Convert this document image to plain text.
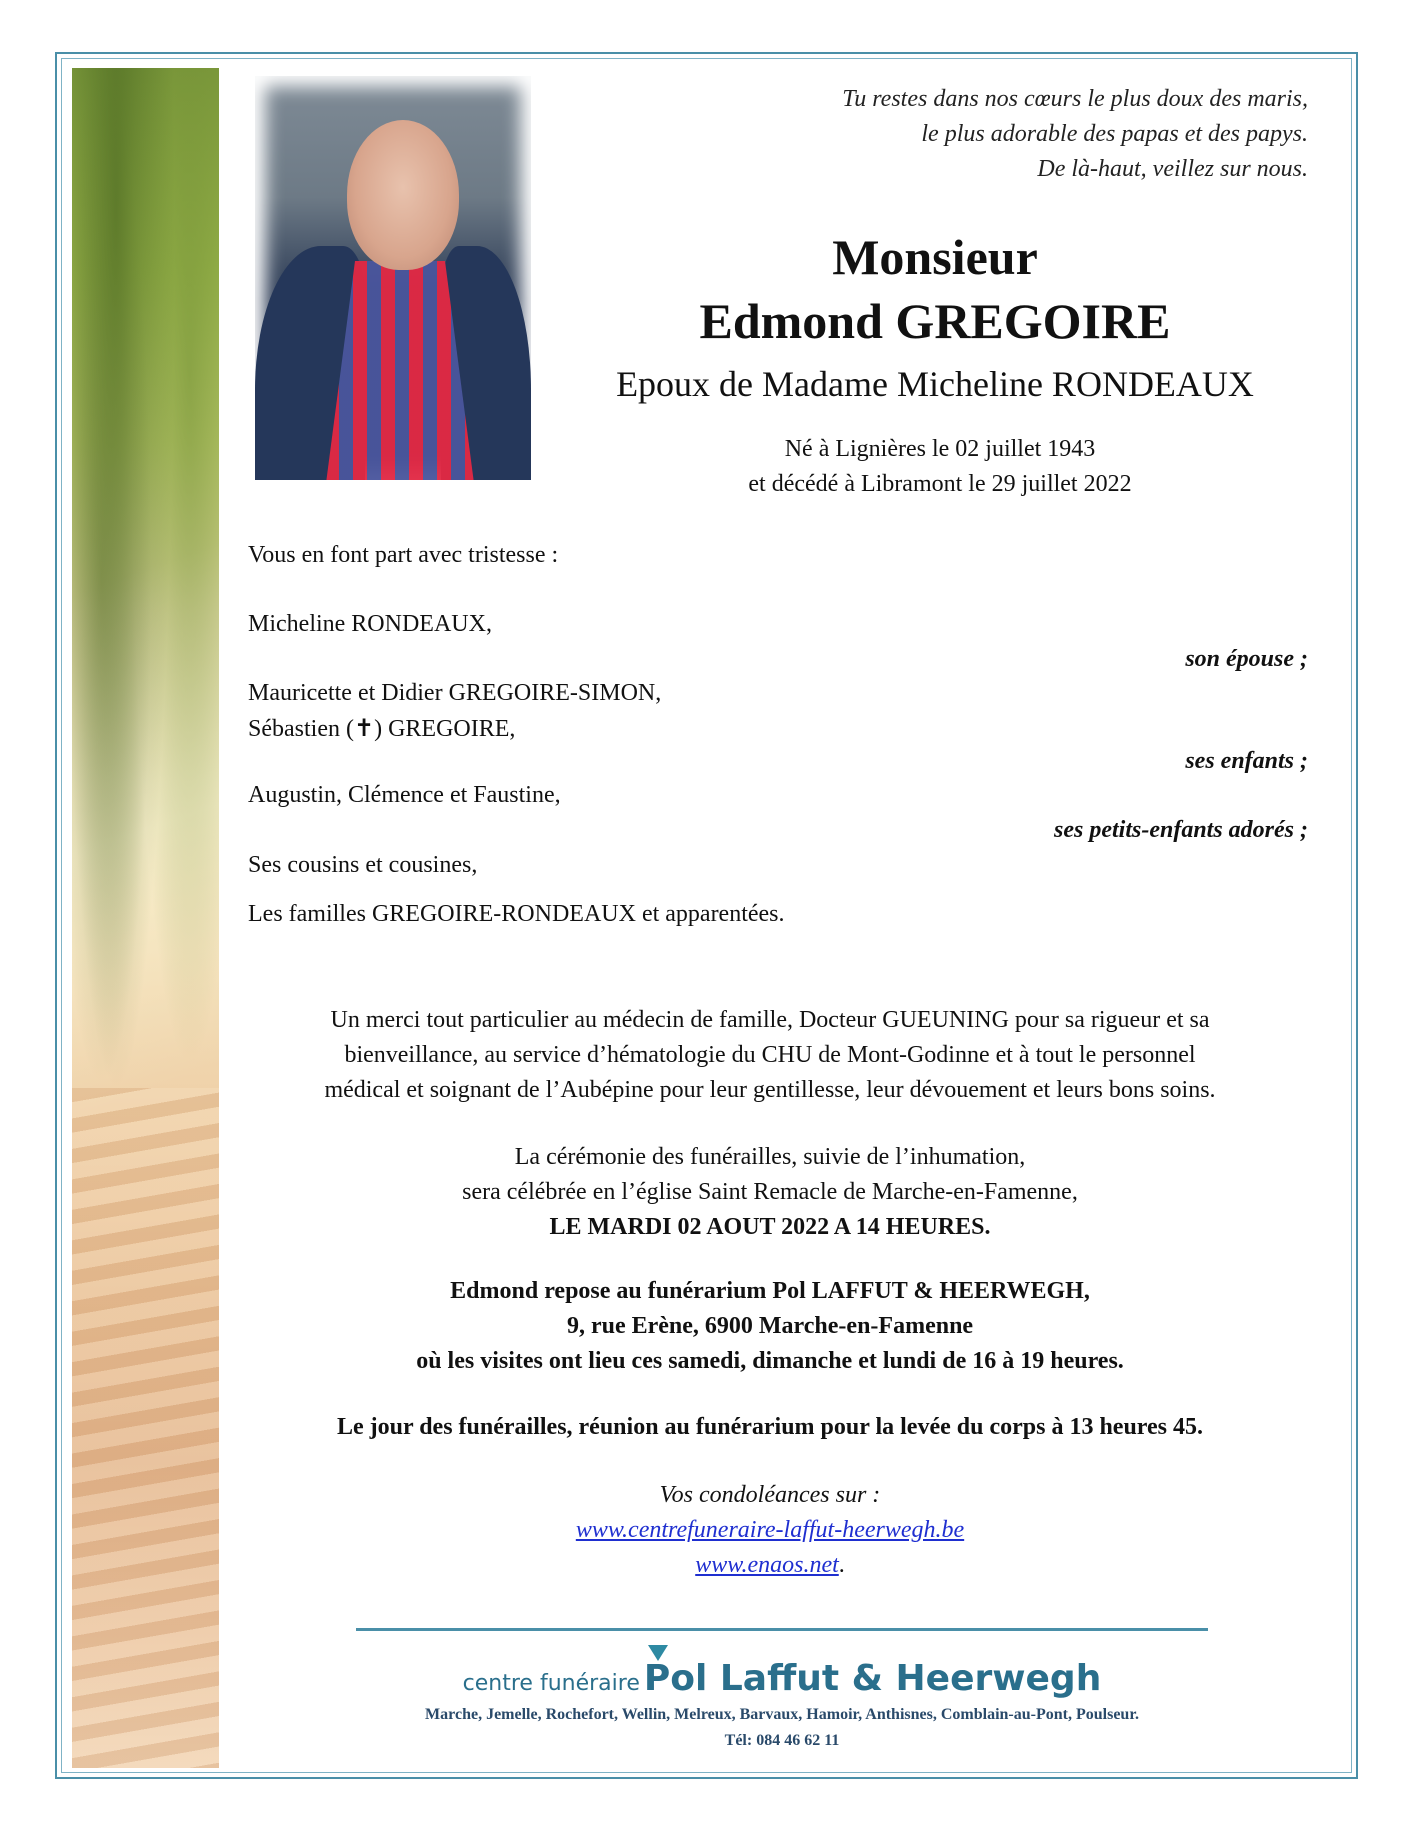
Tu restes dans nos cœurs le plus doux des maris,
le plus adorable des papas et des papys.
De là-haut, veillez sur nous.
Monsieur
Edmond GREGOIRE
Epoux de Madame Micheline RONDEAUX
Né à Lignières le 02 juillet 1943
et décédé à Libramont le 29 juillet 2022
Vous en font part avec tristesse :
Micheline RONDEAUX,
son épouse ;
Mauricette et Didier GREGOIRE-SIMON,
Sébastien (✝) GREGOIRE,
ses enfants ;
Augustin, Clémence et Faustine,
ses petits-enfants adorés ;
Ses cousins et cousines,
Les familles GREGOIRE-RONDEAUX et apparentées.
Un merci tout particulier au médecin de famille, Docteur GUEUNING pour sa rigueur et sa
bienveillance, au service d’hématologie du CHU de Mont-Godinne et à tout le personnel
médical et soignant de l’Aubépine pour leur gentillesse, leur dévouement et leurs bons soins.
La cérémonie des funérailles, suivie de l’inhumation,
sera célébrée en l’église Saint Remacle de Marche-en-Famenne,
LE MARDI 02 AOUT 2022 A 14 HEURES.
Edmond repose au funérarium Pol LAFFUT & HEERWEGH,
9, rue Erène, 6900 Marche-en-Famenne
où les visites ont lieu ces samedi, dimanche et lundi de 16 à 19 heures.
Le jour des funérailles, réunion au funérarium pour la levée du corps à 13 heures 45.
Vos condoléances sur :
www.centrefuneraire-laffut-heerwegh.be
www.enaos.net.
centre funéraire Pol Laffut & Heerwegh
Marche, Jemelle, Rochefort, Wellin, Melreux, Barvaux, Hamoir, Anthisnes, Comblain-au-Pont, Poulseur.
Tél: 084 46 62 11
